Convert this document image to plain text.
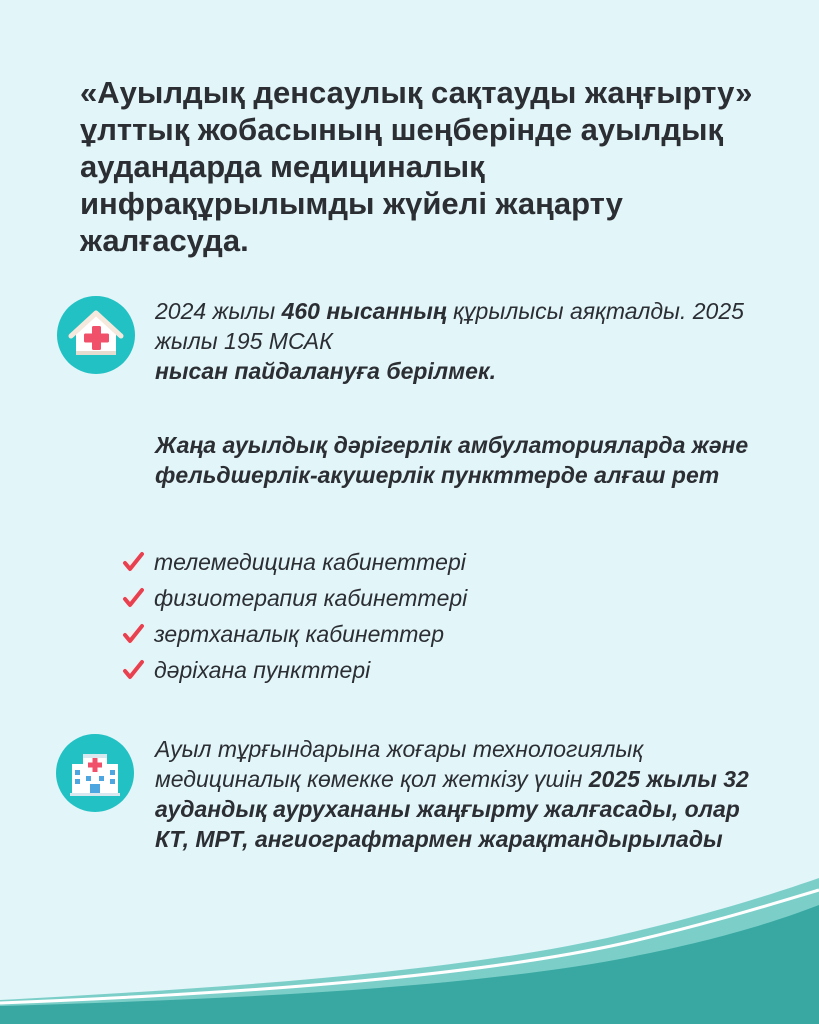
«Ауылдық денсаулық сақтауды жаңғырту» ұлттық жобасының шеңберінде ауылдық аудандарда медициналық инфрақұрылымды жүйелі жаңарту жалғасуда.
2024 жылы 460 нысанның құрылысы аяқталды. 2025 жылы 195 МСАК
нысан пайдалануға берілмек.
Жаңа ауылдық дәрігерлік амбулаторияларда және фельдшерлік-акушерлік пункттерде алғаш рет
телемедицина кабинеттері
физиотерапия кабинеттері
зертханалық кабинеттер
дәріхана пункттері
Ауыл тұрғындарына жоғары технологиялық медициналық көмекке қол жеткізу үшін 2025 жылы 32 аудандық аурухананы жаңғырту жалғасады, олар КТ, МРТ, ангиографтармен жарақтандырылады
